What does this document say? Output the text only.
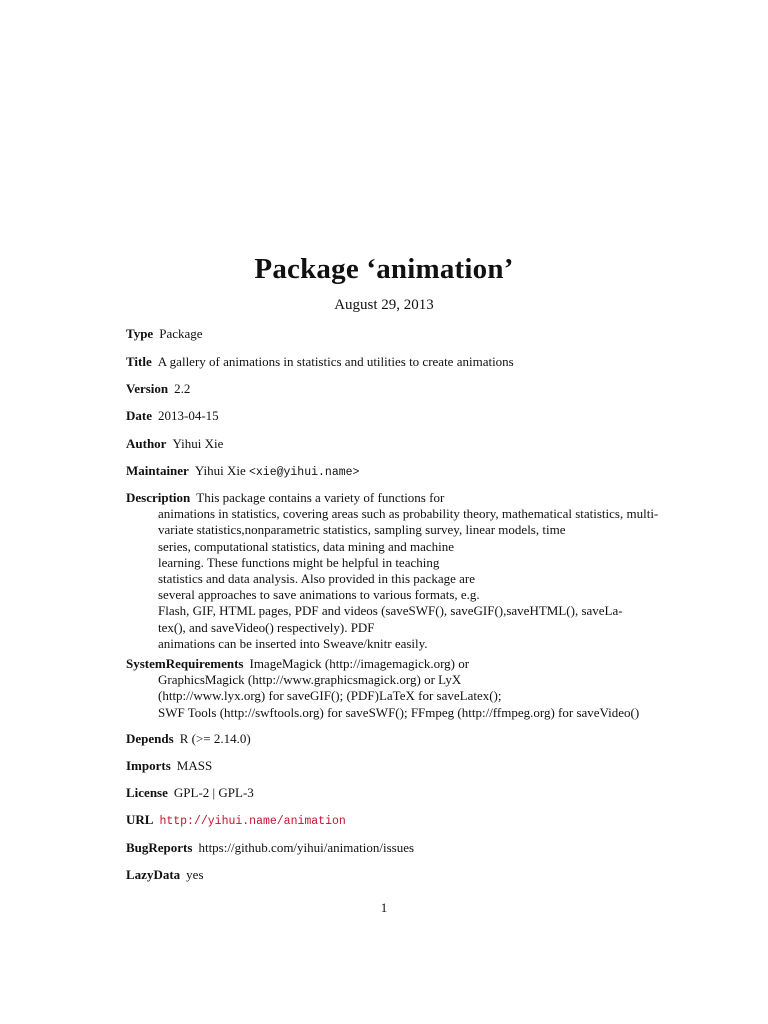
Package ‘animation’
August 29, 2013
Type Package
Title A gallery of animations in statistics and utilities to create animations
Version 2.2
Date 2013-04-15
Author Yihui Xie
Maintainer Yihui Xie <xie@yihui.name>
Description This package contains a variety of functions for
animations in statistics, covering areas such as probability theory, mathematical statistics, multi-
variate statistics,nonparametric statistics, sampling survey, linear models, time
series, computational statistics, data mining and machine
learning. These functions might be helpful in teaching
statistics and data analysis. Also provided in this package are
several approaches to save animations to various formats, e.g.
Flash, GIF, HTML pages, PDF and videos (saveSWF(), saveGIF(),saveHTML(), saveLa-
tex(), and saveVideo() respectively). PDF
animations can be inserted into Sweave/knitr easily.
SystemRequirements ImageMagick (http://imagemagick.org) or
GraphicsMagick (http://www.graphicsmagick.org) or LyX
(http://www.lyx.org) for saveGIF(); (PDF)LaTeX for saveLatex();
SWF Tools (http://swftools.org) for saveSWF(); FFmpeg (http://ffmpeg.org) for saveVideo()
Depends R (>= 2.14.0)
Imports MASS
License GPL-2 | GPL-3
URL http://yihui.name/animation
BugReports https://github.com/yihui/animation/issues
LazyData yes
1
